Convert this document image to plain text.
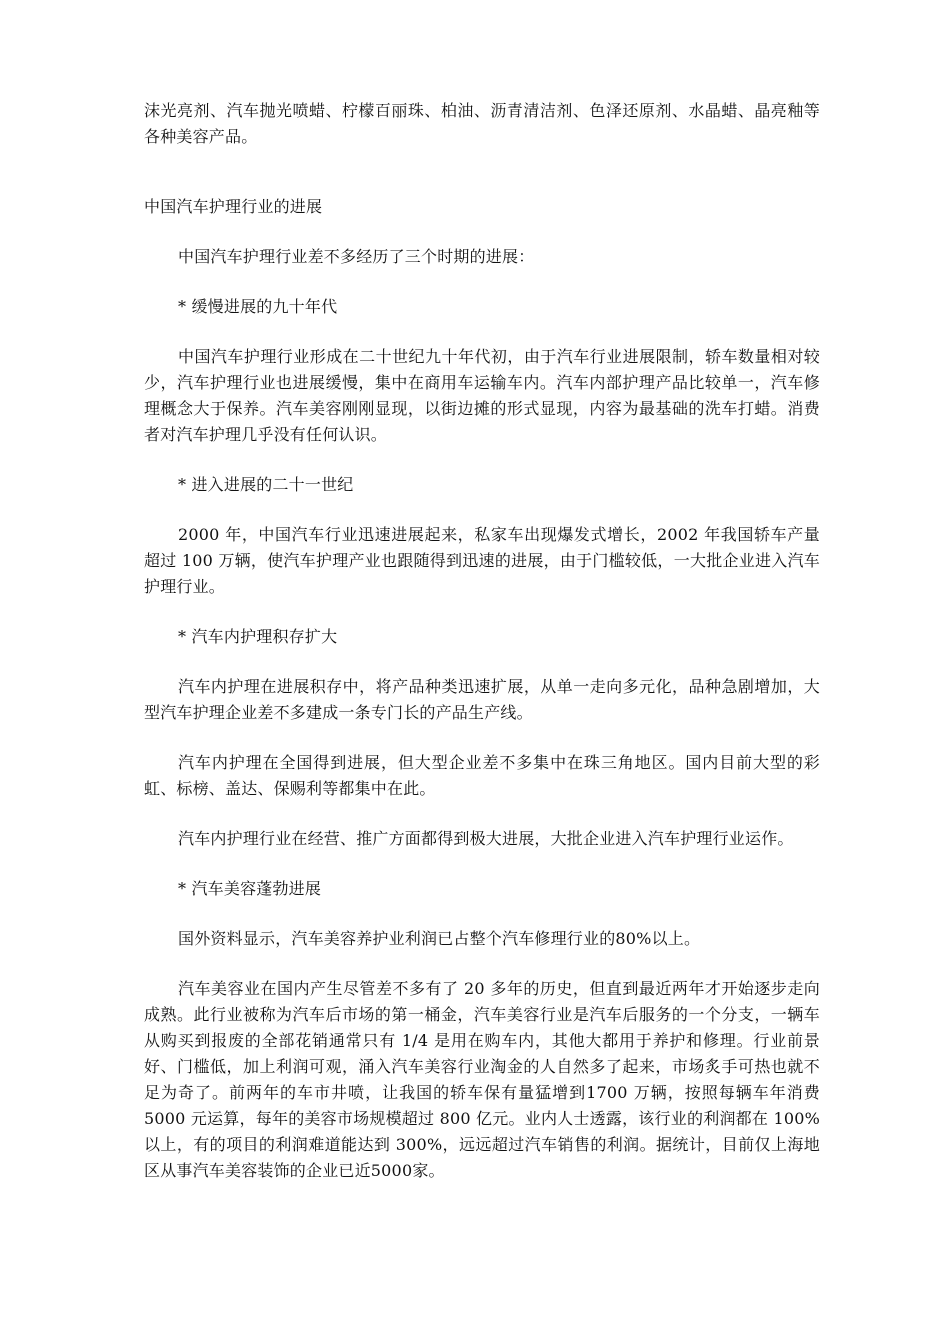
沫光亮剂、汽车抛光喷蜡、柠檬百丽珠、柏油、沥青清洁剂、色泽还原剂、水晶蜡、晶亮釉等各种美容产品。

中国汽车护理行业的进展

中国汽车护理行业差不多经历了三个时期的进展：

* 缓慢进展的九十年代

中国汽车护理行业形成在二十世纪九十年代初，由于汽车行业进展限制，轿车数量相对较少，汽车护理行业也进展缓慢，集中在商用车运输车内。汽车内部护理产品比较单一，汽车修理概念大于保养。汽车美容刚刚显现，以街边摊的形式显现，内容为最基础的洗车打蜡。消费者对汽车护理几乎没有任何认识。

* 进入进展的二十一世纪

2000 年，中国汽车行业迅速进展起来，私家车出现爆发式增长，2002 年我国轿车产量超过 100 万辆，使汽车护理产业也跟随得到迅速的进展，由于门槛较低，一大批企业进入汽车护理行业。

* 汽车内护理积存扩大

汽车内护理在进展积存中，将产品种类迅速扩展，从单一走向多元化，品种急剧增加，大型汽车护理企业差不多建成一条专门长的产品生产线。

汽车内护理在全国得到进展，但大型企业差不多集中在珠三角地区。国内目前大型的彩虹、标榜、盖达、保赐利等都集中在此。

汽车内护理行业在经营、推广方面都得到极大进展，大批企业进入汽车护理行业运作。

* 汽车美容蓬勃进展

国外资料显示，汽车美容养护业利润已占整个汽车修理行业的80%以上。

汽车美容业在国内产生尽管差不多有了 20 多年的历史，但直到最近两年才开始逐步走向成熟。此行业被称为汽车后市场的第一桶金，汽车美容行业是汽车后服务的一个分支，一辆车从购买到报废的全部花销通常只有 1/4 是用在购车内，其他大都用于养护和修理。行业前景好、门槛低，加上利润可观，涌入汽车美容行业淘金的人自然多了起来，市场炙手可热也就不足为奇了。前两年的车市井喷，让我国的轿车保有量猛增到1700 万辆，按照每辆车年消费 5000 元运算，每年的美容市场规模超过 800 亿元。业内人士透露，该行业的利润都在 100%以上，有的项目的利润难道能达到 300%，远远超过汽车销售的利润。据统计，目前仅上海地区从事汽车美容装饰的企业已近5000家。
